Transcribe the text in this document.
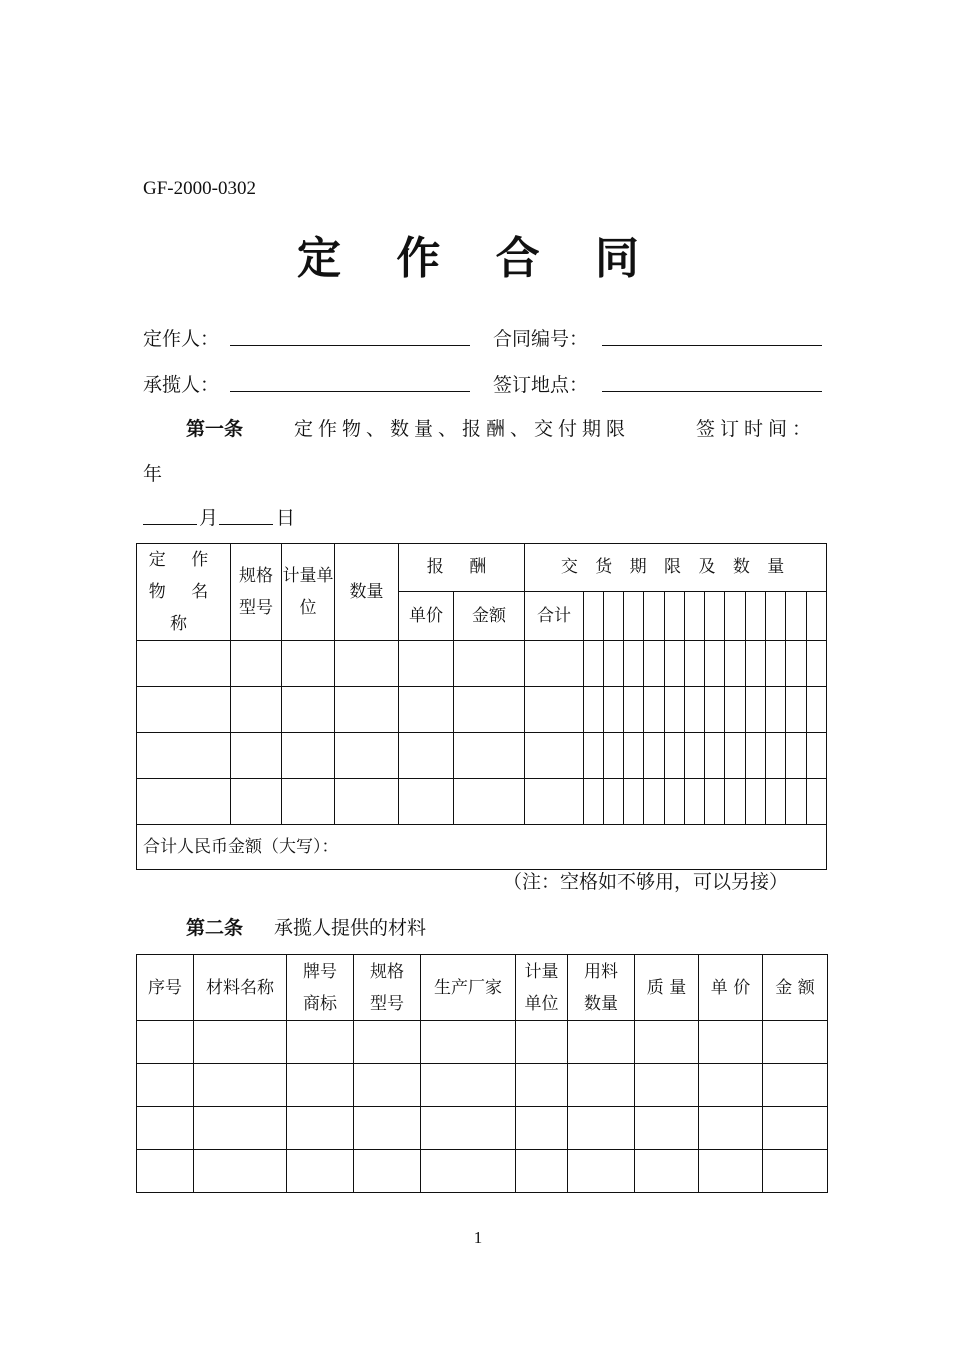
GF-2000-0302
定 作 合 同
定作人：	合同编号：
承揽人：	签订地点：
第一条	定作物、数量、报酬、交付期限	签订时间：
年
月	日
定 作 物 名 称	规格型号	计量单位	数量	报 酬		交 货 期 限 及 数 量												
				单价	金额	合计												

合计人民币金额（大写）：																		
（注：空格如不够用，可以另接）
第二条 承揽人提供的材料
序号	材料名称	牌号商标	规格型号	生产厂家	计量单位	用料数量	质 量	单 价	金 额

1
